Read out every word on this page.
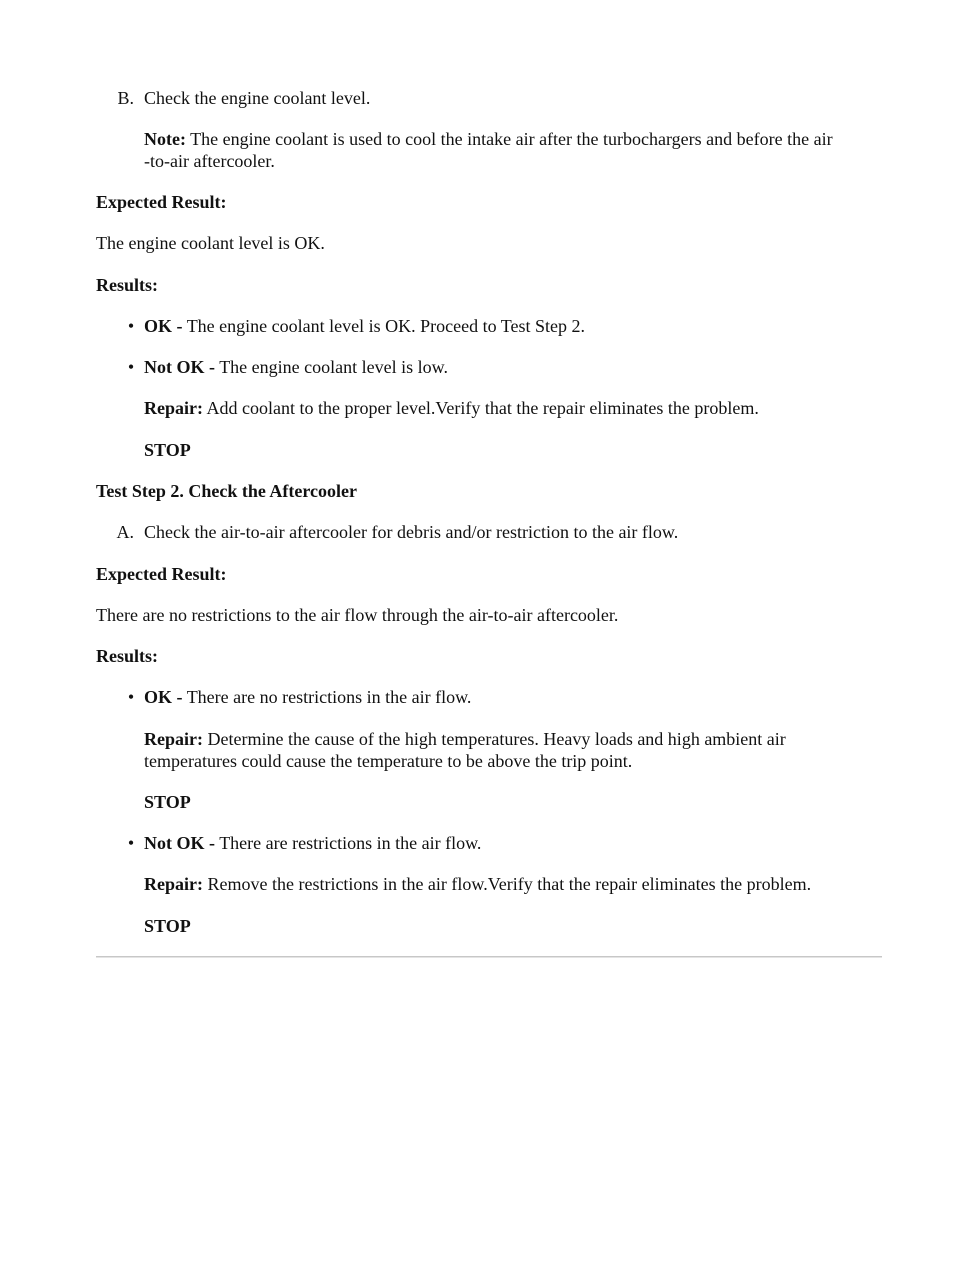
B. Check the engine coolant level.
Note: The engine coolant is used to cool the intake air after the turbochargers and before the air
-to-air aftercooler.
Expected Result:
The engine coolant level is OK.
Results:
• OK - The engine coolant level is OK. Proceed to Test Step 2.
• Not OK - The engine coolant level is low.
Repair: Add coolant to the proper level.Verify that the repair eliminates the problem.
STOP
Test Step 2. Check the Aftercooler
A. Check the air-to-air aftercooler for debris and/or restriction to the air flow.
Expected Result:
There are no restrictions to the air flow through the air-to-air aftercooler.
Results:
• OK - There are no restrictions in the air flow.
Repair: Determine the cause of the high temperatures. Heavy loads and high ambient air
temperatures could cause the temperature to be above the trip point.
STOP
• Not OK - There are restrictions in the air flow.
Repair: Remove the restrictions in the air flow.Verify that the repair eliminates the problem.
STOP
